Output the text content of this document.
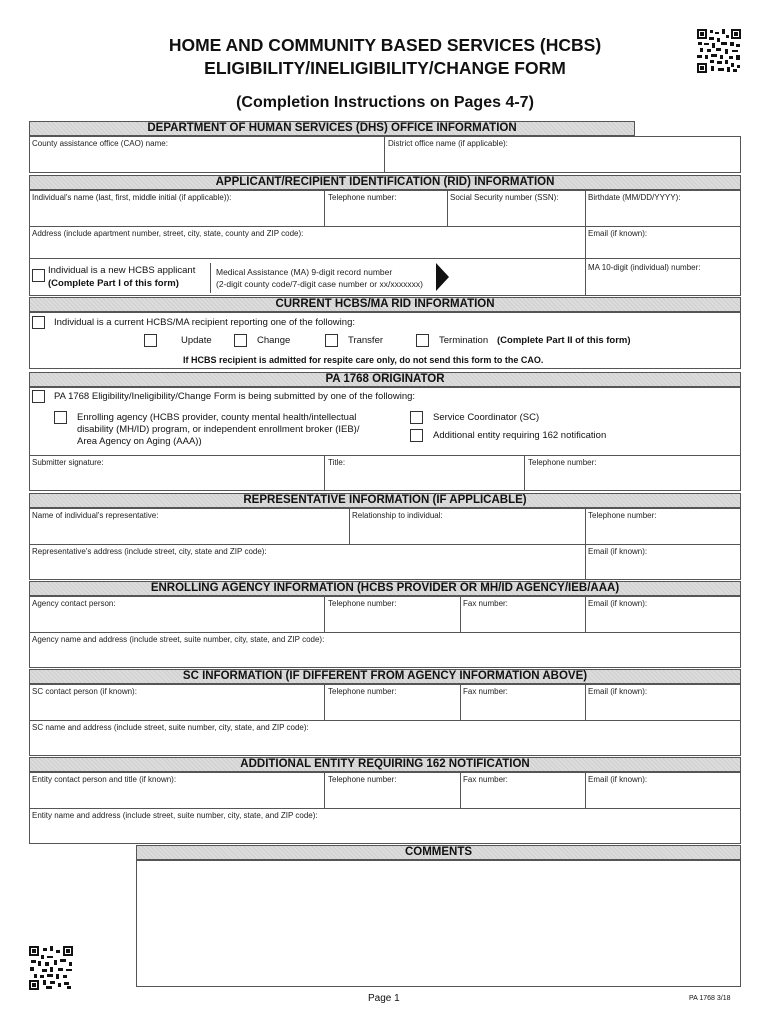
HOME AND COMMUNITY BASED SERVICES (HCBS)
ELIGIBILITY/INELIGIBILITY/CHANGE FORM
(Completion Instructions on Pages 4-7)
DEPARTMENT OF HUMAN SERVICES (DHS) OFFICE INFORMATION
County assistance office (CAO) name:	District office name (if applicable):
APPLICANT/RECIPIENT IDENTIFICATION (RID) INFORMATION
Individual's name (last, first, middle initial (if applicable)):	Telephone number:	Social Security number (SSN):	Birthdate (MM/DD/YYYY):
Address (include apartment number, street, city, state, county and ZIP code):	Email (if known):
Individual is a new HCBS applicant
(Complete Part I of this form)
Medical Assistance (MA) 9-digit record number
(2-digit county code/7-digit case number or xx/xxxxxxx)
MA 10-digit (individual) number:
CURRENT HCBS/MA RID INFORMATION
Individual is a current HCBS/MA recipient reporting one of the following:
Update	Change	Transfer	Termination (Complete Part II of this form)
If HCBS recipient is admitted for respite care only, do not send this form to the CAO.
PA 1768 ORIGINATOR
PA 1768 Eligibility/Ineligibility/Change Form is being submitted by one of the following:
Enrolling agency (HCBS provider, county mental health/intellectual
disability (MH/ID) program, or independent enrollment broker (IEB)/
Area Agency on Aging (AAA))
Service Coordinator (SC)
Additional entity requiring 162 notification
Submitter signature:	Title:	Telephone number:
REPRESENTATIVE INFORMATION (IF APPLICABLE)
Name of individual's representative:	Relationship to individual:	Telephone number:
Representative's address (include street, city, state and ZIP code):	Email (if known):
ENROLLING AGENCY INFORMATION (HCBS PROVIDER OR MH/ID AGENCY/IEB/AAA)
Agency contact person:	Telephone number:	Fax number:	Email (if known):
Agency name and address (include street, suite number, city, state, and ZIP code):
SC INFORMATION (IF DIFFERENT FROM AGENCY INFORMATION ABOVE)
SC contact person (if known):	Telephone number:	Fax number:	Email (if known):
SC name and address (include street, suite number, city, state, and ZIP code):
ADDITIONAL ENTITY REQUIRING 162 NOTIFICATION
Entity contact person and title (if known):	Telephone number:	Fax number:	Email (if known):
Entity name and address (include street, suite number, city, state, and ZIP code):
COMMENTS
Page 1	PA 1768 3/18
